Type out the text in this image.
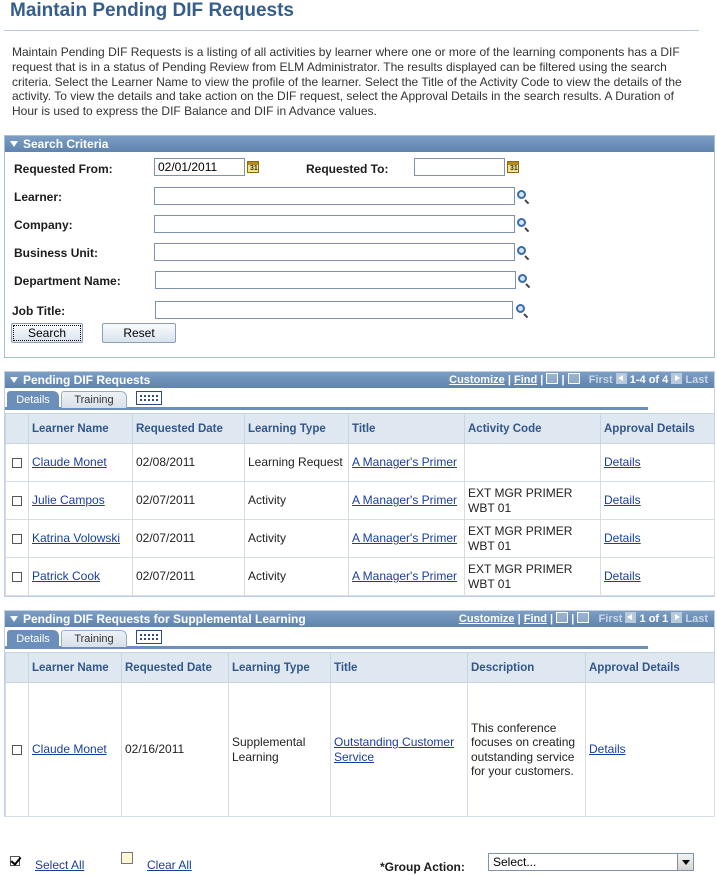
Maintain Pending DIF Requests
Maintain Pending DIF Requests is a listing of all activities by learner where one or more of the learning components has a DIF request that is in a status of Pending Review from ELM Administrator. The results displayed can be filtered using the search criteria. Select the Learner Name to view the profile of the learner. Select the Title of the Activity Code to view the details of the activity. To view the details and take action on the DIF request, select the Approval Details in the search results. A Duration of Hour is used to express the DIF Balance and DIF in Advance values.
Search Criteria
Requested From:
02/01/2011	31	Requested To:	31
Learner:
Company:
Business Unit:
Department Name:
Job Title:
Search	Reset
Pending DIF Requests	Customize | Find |  |    First 1-4 of 4 Last
Details	Training
	Learner Name	Requested Date	Learning Type	Title	Activity Code	Approval Details
	Claude Monet	02/08/2011	Learning Request	A Manager's Primer		Details
	Julie Campos	02/07/2011	Activity	A Manager's Primer	EXT MGR PRIMER WBT 01	Details
	Katrina Volowski	02/07/2011	Activity	A Manager's Primer	EXT MGR PRIMER WBT 01	Details
	Patrick Cook	02/07/2011	Activity	A Manager's Primer	EXT MGR PRIMER WBT 01	Details
Pending DIF Requests for Supplemental Learning	Customize | Find |  |    First 1 of 1 Last
Details	Training
	Learner Name	Requested Date	Learning Type	Title	Description	Approval Details
	Claude Monet	02/16/2011	Supplemental Learning	Outstanding Customer Service	This conference focuses on creating outstanding service for your customers.	Details
Select All	Clear All	*Group Action:	Select...
